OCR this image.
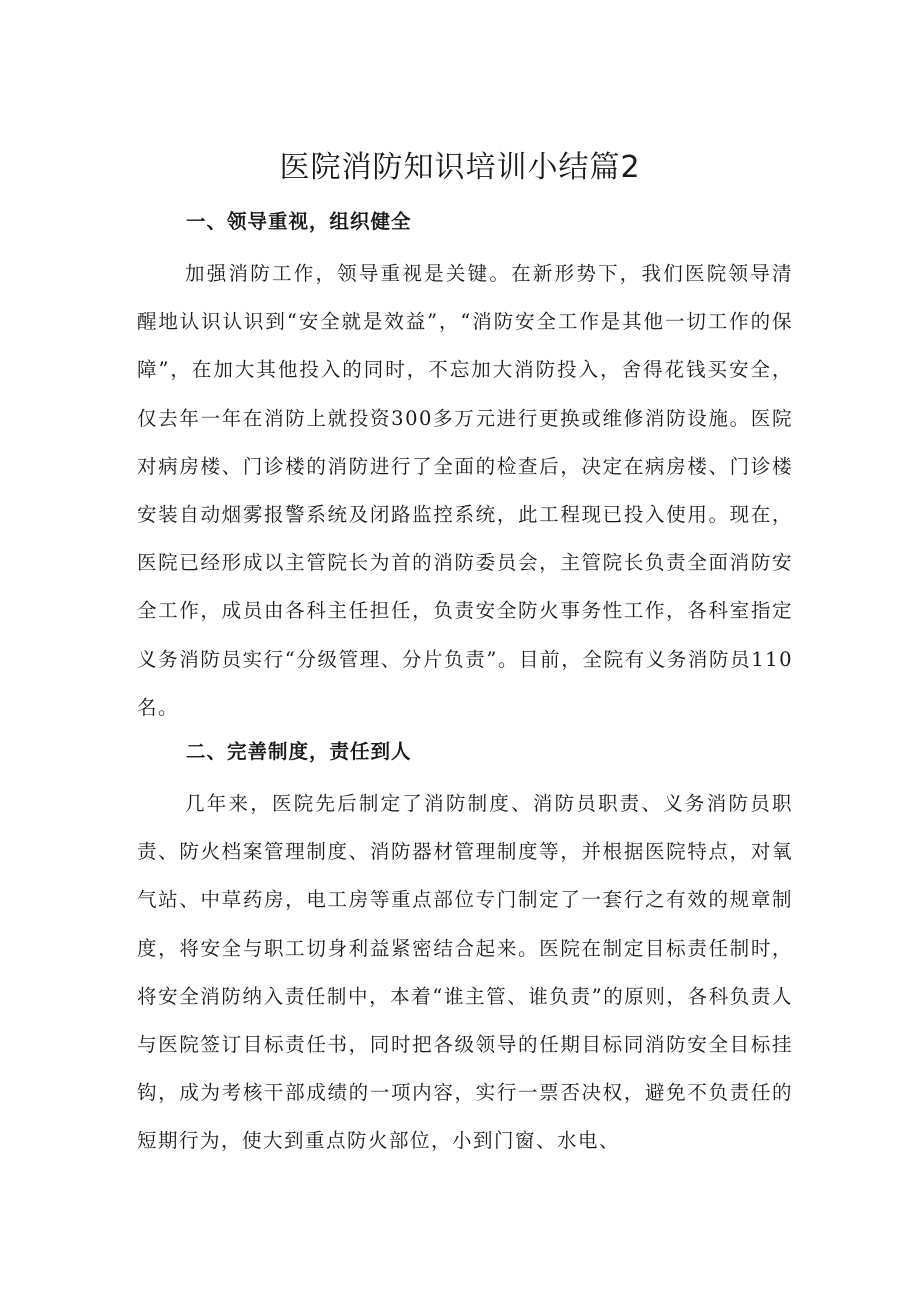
医院消防知识培训小结篇2
一、领导重视，组织健全

加强消防工作，领导重视是关键。在新形势下，我们医院领导清醒地认识认识到“安全就是效益”，“消防安全工作是其他一切工作的保障”，在加大其他投入的同时，不忘加大消防投入，舍得花钱买安全，仅去年一年在消防上就投资300多万元进行更换或维修消防设施。医院对病房楼、门诊楼的消防进行了全面的检查后，决定在病房楼、门诊楼安装自动烟雾报警系统及闭路监控系统，此工程现已投入使用。现在，医院已经形成以主管院长为首的消防委员会，主管院长负责全面消防安全工作，成员由各科主任担任，负责安全防火事务性工作，各科室指定义务消防员实行“分级管理、分片负责”。目前，全院有义务消防员110名。

二、完善制度，责任到人

几年来，医院先后制定了消防制度、消防员职责、义务消防员职责、防火档案管理制度、消防器材管理制度等，并根据医院特点，对氧气站、中草药房，电工房等重点部位专门制定了一套行之有效的规章制度，将安全与职工切身利益紧密结合起来。医院在制定目标责任制时，将安全消防纳入责任制中，本着“谁主管、谁负责”的原则，各科负责人与医院签订目标责任书，同时把各级领导的任期目标同消防安全目标挂钩，成为考核干部成绩的一项内容，实行一票否决权，避免不负责任的短期行为，使大到重点防火部位，小到门窗、水电、
